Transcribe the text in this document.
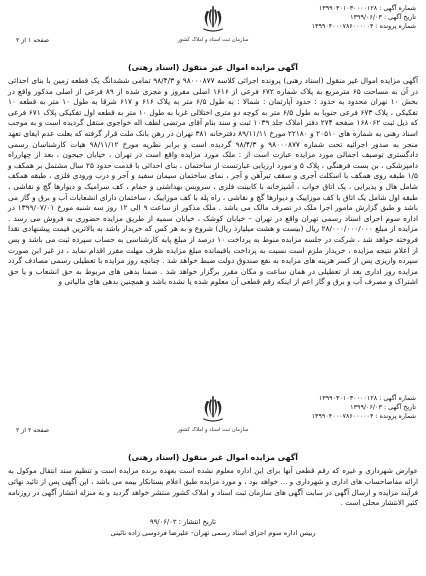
شماره آگهی : ۱۳۹۹۰۳۰۱۰۳۰۰۰۰۱۲۸
تاریخ آگهی : ۱۳۹۹/۰۶/۰۳
شماره پرونده : ۱۳۹۹۰۴۰۰۰۷۸۶۰۰۰۰۰۴
سازمان ثبت اسناد و املاک کشور
صفحه ۱ از ۲
آگهی مزایده اموال غیر منقول (اسناد رهنی)

آگهی مزایده اموال غیر منقول (اسناد رهنی) پرونده اجرائی کلاسه ۹۸۰۰۰۸۷۷ و ۹۸/۴/۳ تمامی ششدانگ یک قطعه زمین با بنای احداثی در آن به مساحت ۶۵ مترمربع به پلاک شماره ۶۷۲ فرعی از ۱۶۱۶ اصلی مفروز و مجزی شده از ۸۹ فرعی از اصلی مذکور واقع در بخش ۱۰ تهران محدود به حدود : حدود آپارتمان : شمالا : به طول ۶/۵ متر به پلاک ۶۱۶ و ۶۱۷ شرقا به طول ۱۰ متر به قطعه ۱۰ تفکیکی ، پلاک ۶۷۳ فرعی جنوبا به طول ۶/۵ متر به کوچه دو متری اختلالی غربا به طول ۱۰ متر به قطعه اول تفکیکی پلاک ۶۷۱ فرعی که ذیل ثبت ۱۶۸۰۶۲ صفحه ۲۷۴ دفتر املاک جلد ۱۰۳۹ ثبت و سند بنام آقای مرتضی لطف اله خواجوی منتقل گردیده است و به موجب اسناد رهنی به شماره های ۲۰۵۱۰ و ۲۲۱۸۰ مورخ ۸۹/۱۱/۱۱ دفترخانه ۳۸۱ تهران در رهن بانک ملت قرار گرفته که بعلت عدم ایفای تعهد منجر به صدور اجرائیه تحت شماره ۹۸۰۰۰۸۷۷ و ۹۸/۴/۳ گردیده است و برابر نظریه مورخ ۹۸/۱۱/۱۲ هیات کارشناسان رسمی دادگستری توصیف اجمالی مورد مزایده عبارت است از : ملک مورد مزایده واقع است در تهران ، خیابان جیحون ، بعد از چهارراه دامپزشکی ، بن بست فرهنگی ، پلاک ۵ و مورد ارزیابی عبارتست از ساختمان ، بنای احداثی با قدمت حدود ۲۵ سال مشتمل بر همکف و ۱/۵ طبقه روی همکف با اسکلت آجری و سقف تیرآهن و آجر ، نمای ساختمان سیمان سفید و آجر و درب ورودی فلزی ، طبقه همکف شامل هال و پذیرایی ، یک اتاق خواب ، آشپزخانه با کابینت فلزی ، سرویس بهداشتی و حمام ، کف سرامیک و دیوارها گچ و نقاشی ، طبقه اول شامل یک اتاق با کف موزاییک و دیوارها گچ و نقاشی ، راه پله با کف موزاییک ، ساختمان دارای انشعابات آب و برق و گاز می باشد و طبق گزارش مامور اجرا ملک در تصرف مالک می باشد . ملک مذکور از ساعت ۹ الی ۱۲ روز سه شنبه مورخ ۱۳۹۹/۰۷/۰۱ در اداره سوم اجرای اسناد رسمی تهران واقع در تهران – خیابان کوشک ، خیابان سمیه از طریق مزایده حضوری به فروش می رسد . مزایده از مبلغ ۲۸/۰۰۰/۰۰۰/۰۰۰ ریال (بیست و هشت میلیارد ریال) شروع و به هر کس که خریدار باشد به بالاترین قیمت پیشنهادی نقدا فروخته خواهد شد ، شرکت در جلسه مزایده منوط به پرداخت ۱۰ درصد از مبلغ پایه کارشناسی به حساب سپرده ثبت می باشد و پس از اعلام نتیجه مزایده ، خریدار ملزم است نسبت به پرداخت باقیمانده مبلغ مزایده ظرف مهلت مقرر اقدام نماید ، در غیر این صورت سپرده واریزی پس از کسر هزینه های مزایده به نفع صندوق دولت ضبط خواهد شد . چنانچه روز مزایده با تعطیلی رسمی مصادف گردد مزایده روز اداری بعد از تعطیلی در همان ساعت و مکان مقرر برگزار خواهد شد . ضمنا بدهی های مربوط به حق انشعاب و یا حق اشتراک و مصرف آب و برق و گاز اعم از اینکه رقم قطعی آن معلوم شده یا نشده باشد و همچنین بدهی های مالیاتی و

شماره آگهی : ۱۳۹۹۰۳۰۱۰۳۰۰۰۰۱۲۸
تاریخ آگهی : ۱۳۹۹/۰۶/۰۳
شماره پرونده : ۱۳۹۹۰۴۰۰۰۷۸۶۰۰۰۰۰۴
سازمان ثبت اسناد و املاک کشور
صفحه ۲ از ۲
آگهی مزایده اموال غیر منقول (اسناد رهنی)

عوارض شهرداری و غیره که رقم قطعی آنها برای این اداره معلوم نشده است بعهده برنده مزایده است و تنظیم سند انتقال موکول به ارائه مفاصاحساب های اداری و شهرداری و ... خواهد بود ، و مورد مزایده طبق اعلام بستانکار بیمه می باشد ، این آگهی پس از تائید نهائی فرآیند مزایده و ارسال آگهی در سایت آگهی های سازمان ثبت اسناد و املاک کشور منتشر خواهد گردید و به منزله انتشار آگهی در روزنامه کثیر الانتشار محلی است .

تاریخ انتشار : ۹۹/۰۶/۰۳
رییس اداره سوم اجرای اسناد رسمی تهران- علیرضا فردوسی زاده نائینی
